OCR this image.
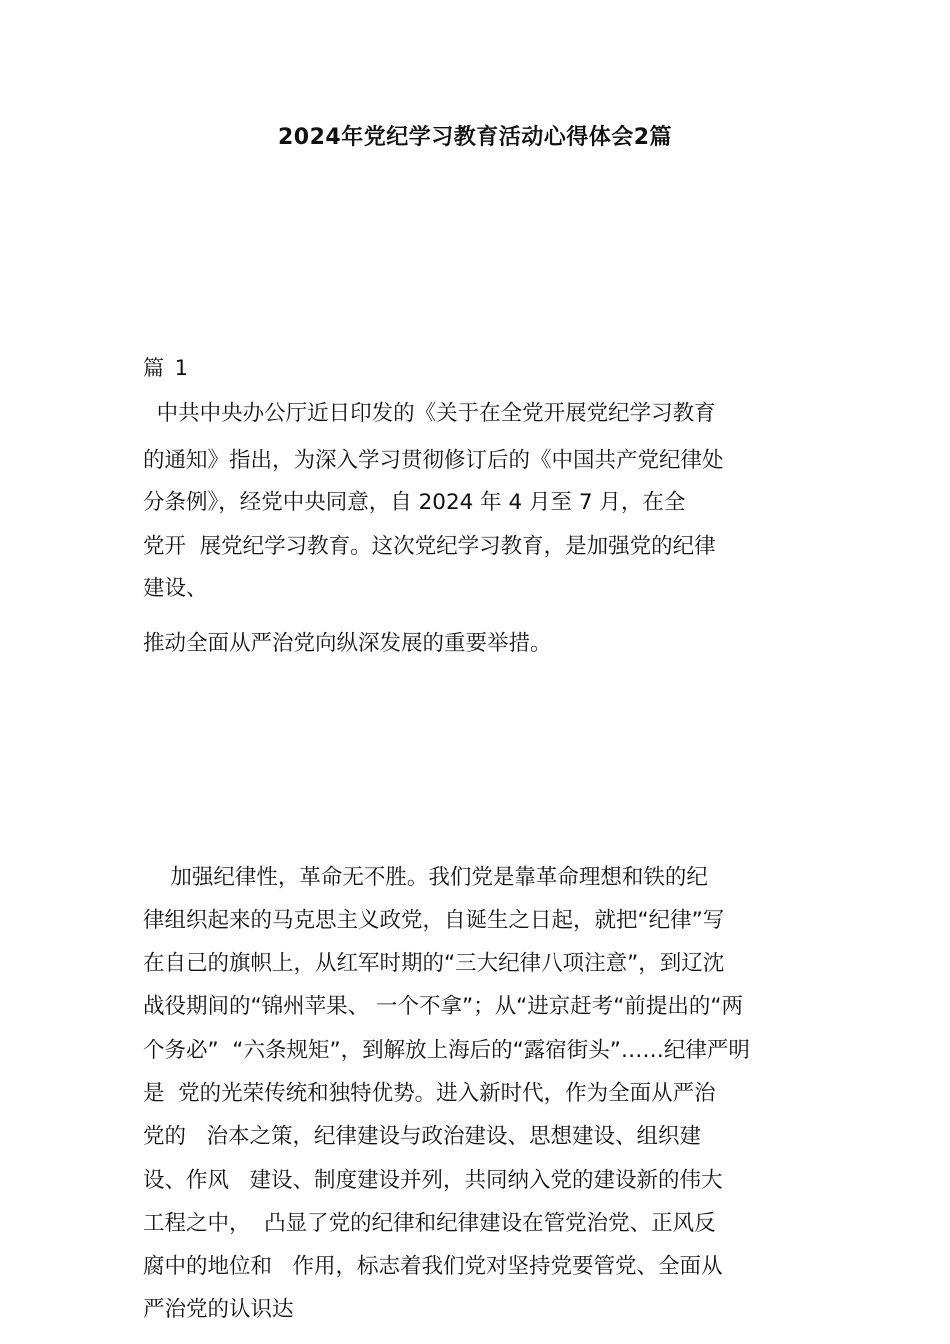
2024年党纪学习教育活动心得体会2篇
篇 1
中共中央办公厅近日印发的《关于在全党开展党纪学习教育
的通知》指出，为深入学习贯彻修订后的《中国共产党纪律处
分条例》，经党中央同意，自 2024 年 4 月至 7 月，在全
党开  展党纪学习教育。这次党纪学习教育，是加强党的纪律
建设、
推动全面从严治党向纵深发展的重要举措。
加强纪律性，革命无不胜。我们党是靠革命理想和铁的纪
律组织起来的马克思主义政党，自诞生之日起，就把“纪律”写
在自己的旗帜上，从红军时期的“三大纪律八项注意”，到辽沈
战役期间的“锦州苹果、 一个不拿”；从“进京赶考“前提出的“两
个务必”  “六条规矩”，到解放上海后的“露宿街头”……纪律严明
是  党的光荣传统和独特优势。进入新时代，作为全面从严治
党的   治本之策，纪律建设与政治建设、思想建设、组织建
设、作风   建设、制度建设并列，共同纳入党的建设新的伟大
工程之中，  凸显了党的纪律和纪律建设在管党治党、正风反
腐中的地位和   作用，标志着我们党对坚持党要管党、全面从
严治党的认识达
